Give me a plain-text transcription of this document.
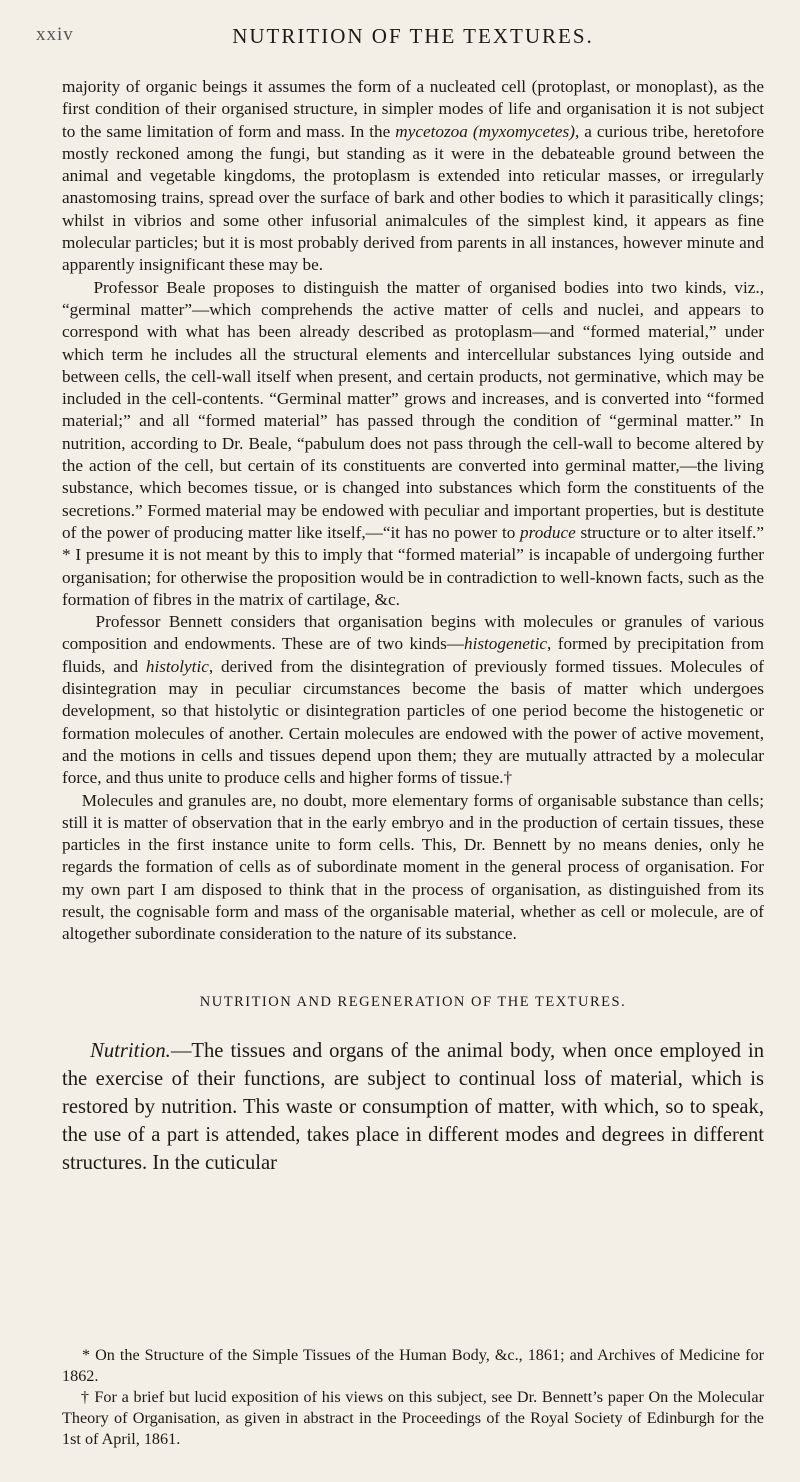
xxiv	NUTRITION OF THE TEXTURES.

majority of organic beings it assumes the form of a nucleated cell (protoplast, or monoplast), as the first condition of their organised structure, in simpler modes of life and organisation it is not subject to the same limitation of form and mass. In the mycetozoa (myxomycetes), a curious tribe, heretofore mostly reckoned among the fungi, but standing as it were in the debateable ground between the animal and vegetable kingdoms, the protoplasm is extended into reticular masses, or irregularly anastomosing trains, spread over the surface of bark and other bodies to which it parasitically clings; whilst in vibrios and some other infusorial animalcules of the simplest kind, it appears as fine molecular particles; but it is most probably derived from parents in all instances, however minute and apparently insignificant these may be.

Professor Beale proposes to distinguish the matter of organised bodies into two kinds, viz., “germinal matter”—which comprehends the active matter of cells and nuclei, and appears to correspond with what has been already described as protoplasm—and “formed material,” under which term he includes all the structural elements and intercellular substances lying outside and between cells, the cell-wall itself when present, and certain products, not germinative, which may be included in the cell-contents. “Germinal matter” grows and increases, and is converted into “formed material;” and all “formed material” has passed through the condition of “germinal matter.” In nutrition, according to Dr. Beale, “pabulum does not pass through the cell-wall to become altered by the action of the cell, but certain of its constituents are converted into germinal matter,—the living substance, which becomes tissue, or is changed into substances which form the constituents of the secretions.” Formed material may be endowed with peculiar and important properties, but is destitute of the power of producing matter like itself,—“it has no power to produce structure or to alter itself.” * I presume it is not meant by this to imply that “formed material” is incapable of undergoing further organisation; for otherwise the proposition would be in contradiction to well-known facts, such as the formation of fibres in the matrix of cartilage, &c.

Professor Bennett considers that organisation begins with molecules or granules of various composition and endowments. These are of two kinds—histogenetic, formed by precipitation from fluids, and histolytic, derived from the disintegration of previously formed tissues. Molecules of disintegration may in peculiar circumstances become the basis of matter which undergoes development, so that histolytic or disintegration particles of one period become the histogenetic or formation molecules of another. Certain molecules are endowed with the power of active movement, and the motions in cells and tissues depend upon them; they are mutually attracted by a molecular force, and thus unite to produce cells and higher forms of tissue.†

Molecules and granules are, no doubt, more elementary forms of organisable substance than cells; still it is matter of observation that in the early embryo and in the production of certain tissues, these particles in the first instance unite to form cells. This, Dr. Bennett by no means denies, only he regards the formation of cells as of subordinate moment in the general process of organisation. For my own part I am disposed to think that in the process of organisation, as distinguished from its result, the cognisable form and mass of the organisable material, whether as cell or molecule, are of altogether subordinate consideration to the nature of its substance.

NUTRITION AND REGENERATION OF THE TEXTURES.

Nutrition.—The tissues and organs of the animal body, when once employed in the exercise of their functions, are subject to continual loss of material, which is restored by nutrition. This waste or consumption of matter, with which, so to speak, the use of a part is attended, takes place in different modes and degrees in different structures. In the cuticular

* On the Structure of the Simple Tissues of the Human Body, &c., 1861; and Archives of Medicine for 1862.

† For a brief but lucid exposition of his views on this subject, see Dr. Bennett’s paper On the Molecular Theory of Organisation, as given in abstract in the Proceedings of the Royal Society of Edinburgh for the 1st of April, 1861.
